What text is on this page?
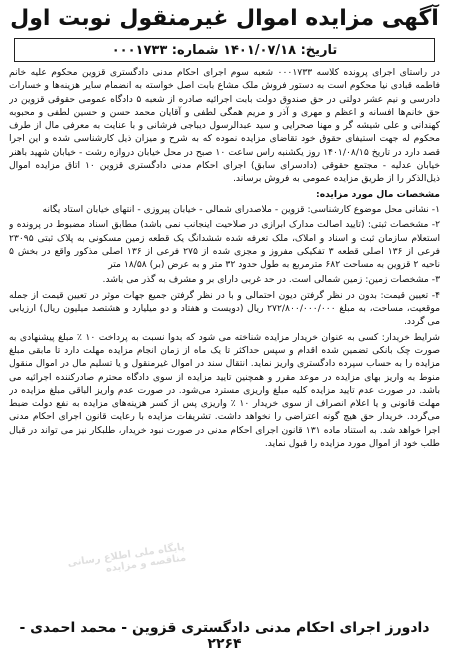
آگهی مزایده اموال غیرمنقول نوبت اول
تاریخ: ۱۴۰۱/۰۷/۱۸ شماره: ۰۰۰۱۷۳۳

در راستای اجرای پرونده کلاسه ۰۰۰۱۷۳۳ شعبه سوم اجرای احکام مدنی دادگستری قزوین محکوم علیه خانم فاطمه قبادی نیا محکوم است به دستور فروش ملک مشاع بابت اصل خواسته به انضمام سایر هزینه‌ها و خسارات دادرسی و نیم عشر دولتی در حق صندوق دولت بابت اجرائیه صادره از شعبه ۵ دادگاه عمومی حقوقی قزوین در حق خانم‌ها افسانه و اعظم و مهری و آذر و مریم همگی لطفی و آقایان محمد حسن و حسین لطفی و محبوبه کهندانی و علی شیشه گر و مهنا صحرایی و سید عبدالرسول دیباجی فرشانی و با عنایت به معرفی مال از طرف محکوم له جهت استیفای حقوق خود تقاضای مزایده نموده که به شرح و میزان ذیل کارشناسی شده و این اجرا قصد دارد در تاریخ ۱۴۰۱/۰۸/۱۵ روز یکشنبه راس ساعت ۱۰ صبح در محل خیابان دروازه رشت - خیابان شهید باهنر خیابان عدلیه - مجتمع حقوقی (دادسرای سابق) اجرای احکام مدنی دادگستری قزوین ۱۰ اتاق مزایده اموال ذیل‌الذکر را از طریق مزایده عمومی به فروش برساند.

مشخصات مال مورد مزایده:

۱- نشانی محل موضوع کارشناسی: قزوین - ملاصدرای شمالی - خیابان پیروزی - انتهای خیابان استاد یگانه

۲- مشخصات ثبتی: (تایید اصالت مدارک ابرازی در صلاحیت اینجانب نمی باشد) مطابق اسناد مضبوط در پرونده و استعلام سازمان ثبت و اسناد و املاک، ملک تعرفه شده ششدانگ یک قطعه زمین مسکونی به پلاک ثبتی ۲۳۰۹۵ فرعی از ۱۳۶ اصلی قطعه ۳ تفکیکی مفروز و مجزی شده از ۲۷۵ فرعی از ۱۳۶ اصلی مذکور واقع در بخش ۵ ناحیه ۲ قزوین به مساحت ۶۸۲ مترمربع به طول حدود ۳۲ متر و به عرض (بر) ۱۸/۵۸ متر

۳- مشخصات زمین: زمین شمالی است. در حد غربی دارای بر و مشرف به گذر می باشد.

۴- تعیین قیمت: بدون در نظر گرفتن دیون احتمالی و با در نظر گرفتن جمیع جهات موثر در تعیین قیمت از جمله موقعیت، مساحت، به مبلغ ۲۷۲/۸۰۰/۰۰۰/۰۰۰ ریال (دویست و هفتاد و دو میلیارد و هشتصد میلیون ریال) ارزیابی می گردد.

شرایط خریدار: کسی به عنوان خریدار مزایده شناخته می شود که بدوا نسبت به پرداخت ۱۰ ٪ مبلغ پیشنهادی به صورت چک بانکی تضمین شده اقدام و سپس حداکثر تا یک ماه از زمان انجام مزایده مهلت دارد تا مابقی مبلغ مزایده را به حساب سپرده دادگستری واریز نماید. انتقال سند در اموال غیرمنقول و یا تسلیم مال در اموال منقول منوط به واریز بهای مزایده در موعد مقرر و همچنین تایید مزایده از سوی دادگاه محترم صادرکننده اجرائیه می باشد. در صورت عدم تایید مزایده کلیه مبلغ واریزی مسترد می‌شود. در صورت عدم واریز الباقی مبلغ مزایده در مهلت قانونی و یا اعلام انصراف از سوی خریدار ۱۰ ٪ واریزی پس از کسر هزینه‌های مزایده به نفع دولت ضبط می‌گردد. خریدار حق هیچ گونه اعتراضی را نخواهد داشت. تشریفات مزایده با رعایت قانون اجرای احکام مدنی اجرا خواهد شد. به استناد ماده ۱۳۱ قانون اجرای احکام مدنی در صورت نبود خریدار، طلبکار نیز می تواند در قبال طلب خود از اموال مورد مزایده را قبول نماید.

پایگاه ملی اطلاع رسانی مناقصه و مزایده
دادورز اجرای احکام مدنی دادگستری قزوین - محمد احمدی - ۲۲۶۴
